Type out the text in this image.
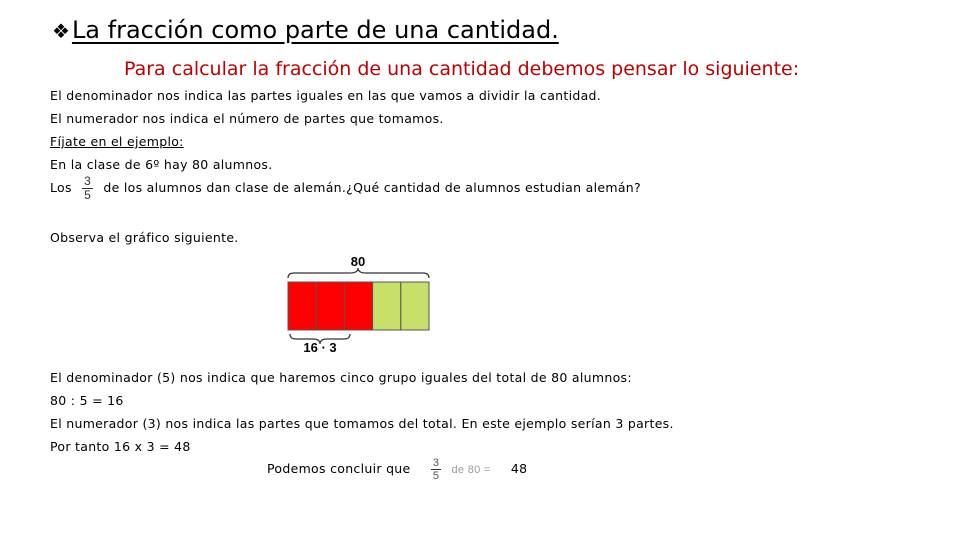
❖La fracción como parte de una cantidad.
Para calcular la fracción de una cantidad debemos pensar lo siguiente:
El denominador nos indica las partes iguales en las que vamos a dividir la cantidad.
El numerador nos indica el número de partes que tomamos.
Fíjate en el ejemplo:
En la clase de 6º hay 80 alumnos.
Los $\frac{3}{5}$ de los alumnos dan clase de alemán.¿Qué cantidad de alumnos estudian alemán?
Observa el gráfico siguiente.
80
16 · 3
El denominador (5) nos indica que haremos cinco grupo iguales del total de 80 alumnos:
80 : 5 = 16
El numerador (3) nos indica las partes que tomamos del total. En este ejemplo serían 3 partes.
Por tanto 16 x 3 = 48
Podemos concluir que $\frac{3}{5}$ de 80 = 48
